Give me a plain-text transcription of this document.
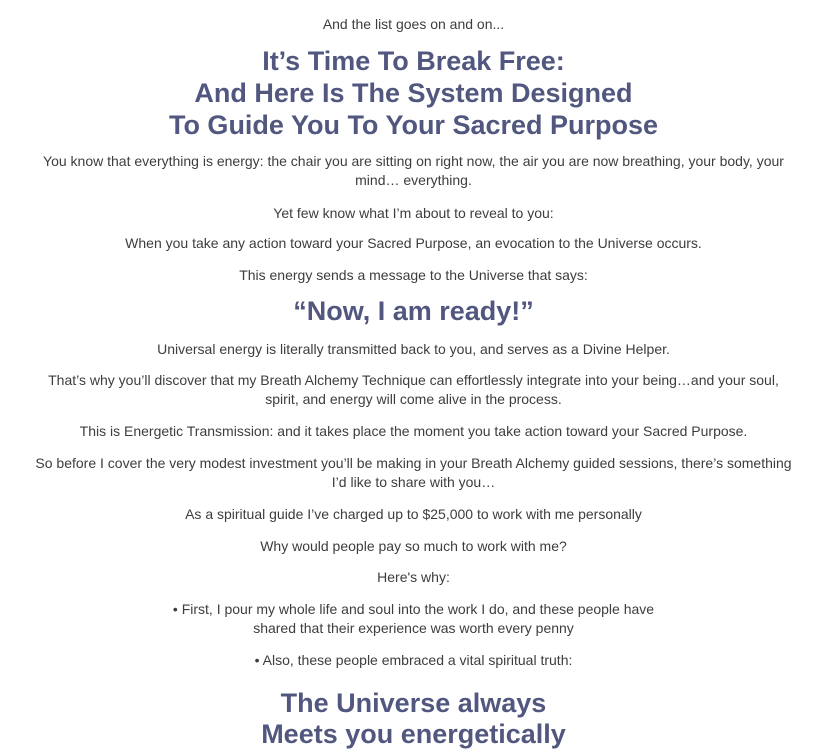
And the list goes on and on...

It’s Time To Break Free:
And Here Is The System Designed
To Guide You To Your Sacred Purpose

You know that everything is energy: the chair you are sitting on right now, the air you are now breathing, your body, your
mind… everything.

Yet few know what I’m about to reveal to you:

When you take any action toward your Sacred Purpose, an evocation to the Universe occurs.

This energy sends a message to the Universe that says:

“Now, I am ready!”

Universal energy is literally transmitted back to you, and serves as a Divine Helper.

That’s why you’ll discover that my Breath Alchemy Technique can effortlessly integrate into your being…and your soul,
spirit, and energy will come alive in the process.

This is Energetic Transmission: and it takes place the moment you take action toward your Sacred Purpose.

So before I cover the very modest investment you’ll be making in your Breath Alchemy guided sessions, there’s something
I’d like to share with you…

As a spiritual guide I’ve charged up to $25,000 to work with me personally

Why would people pay so much to work with me?

Here's why:

• First, I pour my whole life and soul into the work I do, and these people have
shared that their experience was worth every penny

• Also, these people embraced a vital spiritual truth:

The Universe always
Meets you energetically
